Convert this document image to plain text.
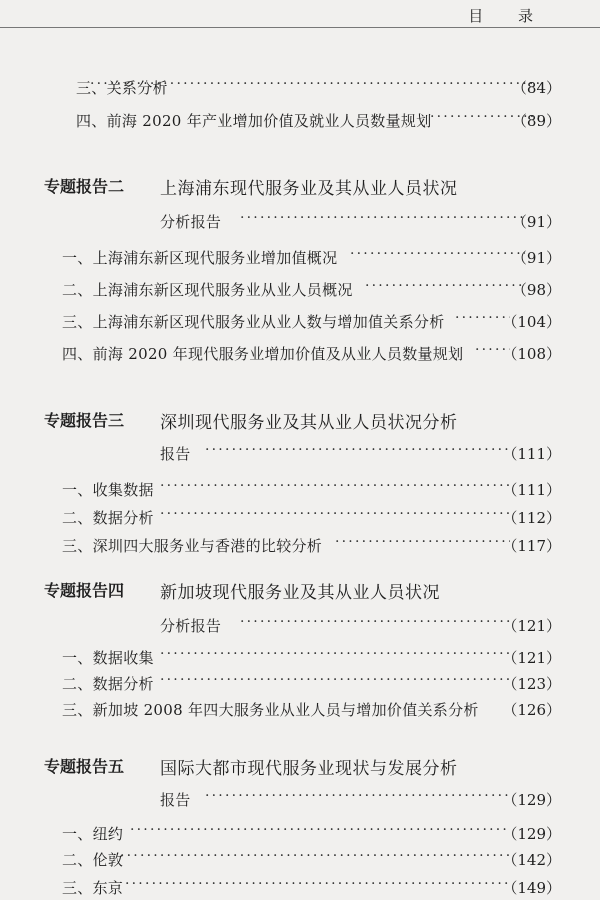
目 录
三、关系分析 ·····	（84）
四、前海 2020 年产业增加价值及就业人员数量规划 ·····	（89）
专题报告二 上海浦东现代服务业及其从业人员状况
分析报告 ·····	（91）
一、上海浦东新区现代服务业增加值概况 ·····	（91）
二、上海浦东新区现代服务业从业人员概况 ·····	（98）
三、上海浦东新区现代服务业从业人数与增加值关系分析 ·····	（104）
四、前海 2020 年现代服务业增加价值及从业人员数量规划 ·····	（108）
专题报告三 深圳现代服务业及其从业人员状况分析
报告 ·····	（111）
一、收集数据 ·····	（111）
二、数据分析 ·····	（112）
三、深圳四大服务业与香港的比较分析 ·····	（117）
专题报告四 新加坡现代服务业及其从业人员状况
分析报告 ·····	（121）
一、数据收集 ·····	（121）
二、数据分析 ·····	（123）
三、新加坡 2008 年四大服务业从业人员与增加价值关系分析 （126）
专题报告五 国际大都市现代服务业现状与发展分析
报告 ·····	（129）
一、纽约 ·····	（129）
二、伦敦 ·····	（142）
三、东京 ·····	（149）
